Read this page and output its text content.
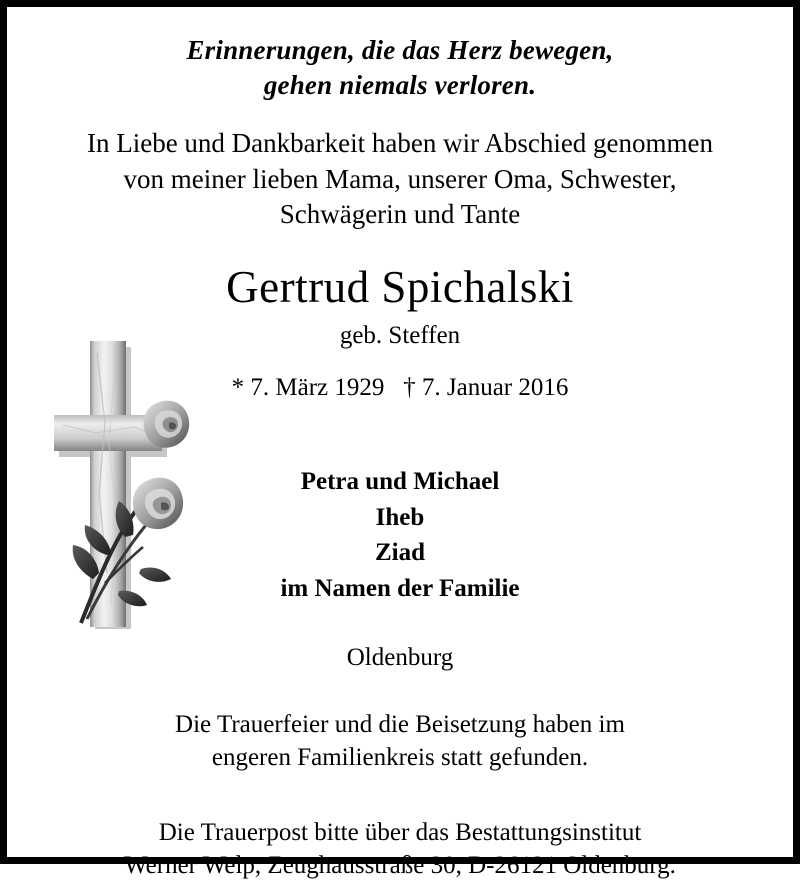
Erinnerungen, die das Herz bewegen,
gehen niemals verloren.
In Liebe und Dankbarkeit haben wir Abschied genommen
von meiner lieben Mama, unserer Oma, Schwester,
Schwägerin und Tante
Gertrud Spichalski
geb. Steffen
* 7. März 1929   † 7. Januar 2016
Petra und Michael
Iheb
Ziad
im Namen der Familie
Oldenburg
Die Trauerfeier und die Beisetzung haben im
engeren Familienkreis statt gefunden.
Die Trauerpost bitte über das Bestattungsinstitut
Werner Welp, Zeughausstraße 30, D-26121 Oldenburg.
